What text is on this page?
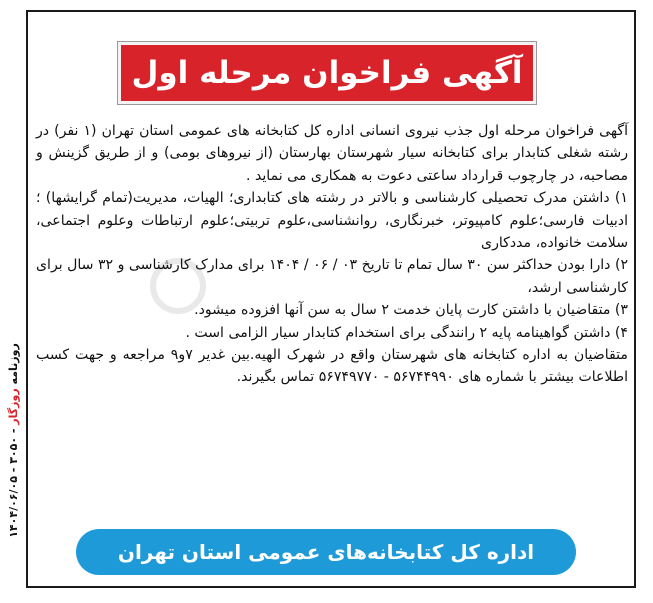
آگهی فراخوان مرحله اول

آگهی فراخوان مرحله اول جذب نیروی انسانی اداره کل کتابخانه های عمومی استان تهران (۱ نفر) در رشته شغلی کتابدار برای کتابخانه سیار شهرستان بهارستان (از نیروهای بومی) و از طریق گزینش و مصاحبه، در چارچوب قرارداد ساعتی دعوت به همکاری می نماید .

۱) داشتن مدرک تحصیلی کارشناسی و بالاتر در رشته های کتابداری؛ الهیات، مدیریت(تمام گرایشها) ؛ ادبیات فارسی؛علوم کامپیوتر، خبرنگاری، روانشناسی،علوم تربیتی؛علوم ارتباطات وعلوم اجتماعی، سلامت خانواده، مددکاری

۲) دارا بودن حداکثر سن ۳۰ سال تمام تا تاریخ ۰۳ / ۰۶ / ۱۴۰۴ برای مدارک کارشناسی و ۳۲ سال برای کارشناسی ارشد،

۳) متقاضیان با داشتن کارت پایان خدمت ۲ سال به سن آنها افزوده میشود.

۴) داشتن گواهینامه پایه ۲ رانندگی برای استخدام کتابدار سیار الزامی است .

متقاضیان به اداره کتابخانه های شهرستان واقع در شهرک الهیه.بین غدیر ۷و۹ مراجعه و جهت کسب اطلاعات بیشتر با شماره های ۵۶۷۴۴۹۹۰ - ۵۶۷۴۹۷۷۰ تماس بگیرند.

اداره کل کتابخانه‌های عمومی استان تهران
روزنامه روزگار - ۳۰۵۰ - ۱۴۰۴/۰۶/۰۵
